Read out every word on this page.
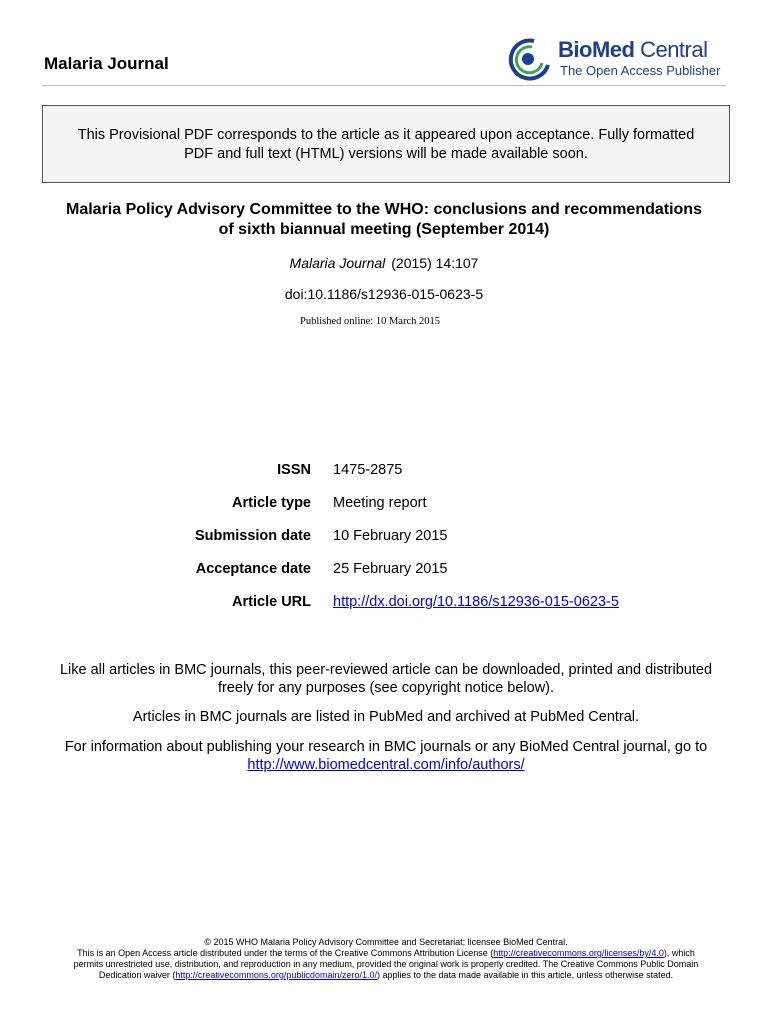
Malaria Journal
BioMed Central
The Open Access Publisher
This Provisional PDF corresponds to the article as it appeared upon acceptance. Fully formatted
PDF and full text (HTML) versions will be made available soon.
Malaria Policy Advisory Committee to the WHO: conclusions and recommendations
of sixth biannual meeting (September 2014)
Malaria Journal (2015) 14:107
doi:10.1186/s12936-015-0623-5
Published online: 10 March 2015
ISSN 1475-2875
Article type Meeting report
Submission date 10 February 2015
Acceptance date 25 February 2015
Article URL http://dx.doi.org/10.1186/s12936-015-0623-5
Like all articles in BMC journals, this peer-reviewed article can be downloaded, printed and distributed
freely for any purposes (see copyright notice below).
Articles in BMC journals are listed in PubMed and archived at PubMed Central.
For information about publishing your research in BMC journals or any BioMed Central journal, go to
http://www.biomedcentral.com/info/authors/
© 2015 WHO Malaria Policy Advisory Committee and Secretariat; licensee BioMed Central.
This is an Open Access article distributed under the terms of the Creative Commons Attribution License (http://creativecommons.org/licenses/by/4.0), which
permits unrestricted use, distribution, and reproduction in any medium, provided the original work is properly credited. The Creative Commons Public Domain
Dedication waiver (http://creativecommons.org/publicdomain/zero/1.0/) applies to the data made available in this article, unless otherwise stated.
